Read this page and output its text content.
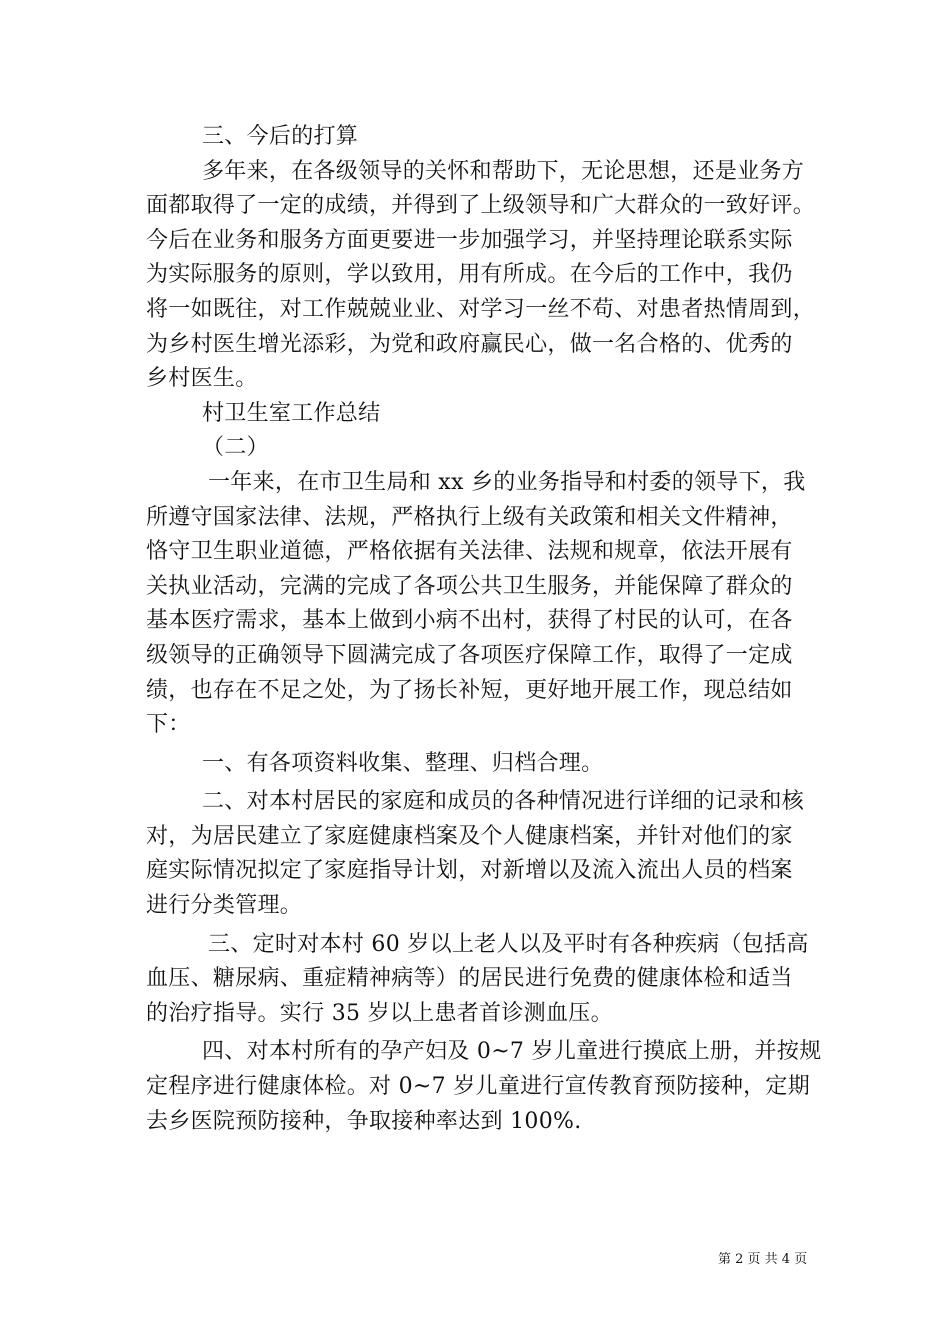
三、今后的打算
多年来，在各级领导的关怀和帮助下，无论思想，还是业务方
面都取得了一定的成绩，并得到了上级领导和广大群众的一致好评。
今后在业务和服务方面更要进一步加强学习，并坚持理论联系实际
为实际服务的原则，学以致用，用有所成。在今后的工作中，我仍
将一如既往，对工作兢兢业业、对学习一丝不苟、对患者热情周到，
为乡村医生增光添彩，为党和政府赢民心，做一名合格的、优秀的
乡村医生。
村卫生室工作总结
（二）
一年来，在市卫生局和 xx 乡的业务指导和村委的领导下，我
所遵守国家法律、法规，严格执行上级有关政策和相关文件精神，
恪守卫生职业道德，严格依据有关法律、法规和规章，依法开展有
关执业活动，完满的完成了各项公共卫生服务，并能保障了群众的
基本医疗需求，基本上做到小病不出村，获得了村民的认可，在各
级领导的正确领导下圆满完成了各项医疗保障工作，取得了一定成
绩，也存在不足之处，为了扬长补短，更好地开展工作，现总结如
下：
一、有各项资料收集、整理、归档合理。
二、对本村居民的家庭和成员的各种情况进行详细的记录和核
对，为居民建立了家庭健康档案及个人健康档案，并针对他们的家
庭实际情况拟定了家庭指导计划，对新增以及流入流出人员的档案
进行分类管理。
三、定时对本村 60 岁以上老人以及平时有各种疾病（包括高
血压、糖尿病、重症精神病等）的居民进行免费的健康体检和适当
的治疗指导。实行 35 岁以上患者首诊测血压。
四、对本村所有的孕产妇及 0~7 岁儿童进行摸底上册，并按规
定程序进行健康体检。对 0~7 岁儿童进行宣传教育预防接种，定期
去乡医院预防接种，争取接种率达到 100%.
第 2 页 共 4 页
